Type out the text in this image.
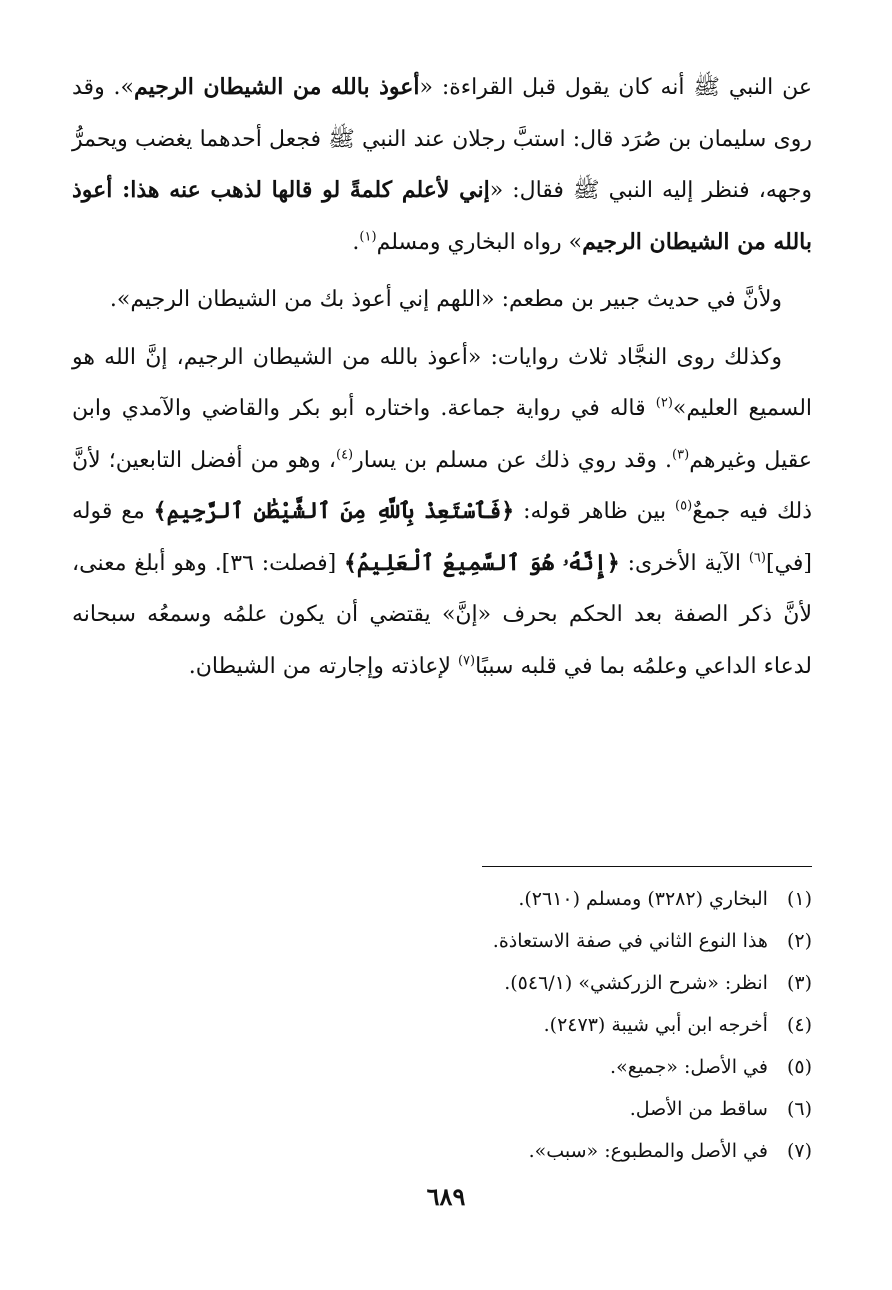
عن النبي ﷺ أنه كان يقول قبل القراءة: «أعوذ بالله من الشيطان الرجيم». وقد روى سليمان بن صُرَد قال: استبَّ رجلان عند النبي ﷺ فجعل أحدهما يغضب ويحمرُّ وجهه، فنظر إليه النبي ﷺ فقال: «إني لأعلم كلمةً لو قالها لذهب عنه هذا: أعوذ بالله من الشيطان الرجيم» رواه البخاري ومسلم$^{(١)}$.

ولأنَّ في حديث جبير بن مطعم: «اللهم إني أعوذ بك من الشيطان الرجيم».

وكذلك روى النجَّاد ثلاث روايات: «أعوذ بالله من الشيطان الرجيم، إنَّ الله هو السميع العليم»$^{(٢)}$ قاله في رواية جماعة. واختاره أبو بكر والقاضي والآمدي وابن عقيل وغيرهم$^{(٣)}$. وقد روي ذلك عن مسلم بن يسار$^{(٤)}$، وهو من أفضل التابعين؛ لأنَّ ذلك فيه جمعٌ$^{(٥)}$ بين ظاهر قوله: ﴿فَٱسْتَعِذْ بِٱللَّهِ مِنَ ٱلشَّيْطَٰنِ ٱلرَّجِيمِ﴾ مع قوله [في]$^{(٦)}$ الآية الأخرى: ﴿إِنَّهُۥ هُوَ ٱلسَّمِيعُ ٱلْعَلِيمُ﴾ [فصلت: ٣٦]. وهو أبلغ معنى، لأنَّ ذكر الصفة بعد الحكم بحرف «إنَّ» يقتضي أن يكون علمُه وسمعُه سبحانه لدعاء الداعي وعلمُه بما في قلبه سببًا$^{(٧)}$ لإعاذته وإجارته من الشيطان.

(١) البخاري (٣٢٨٢) ومسلم (٢٦١٠).
(٢) هذا النوع الثاني في صفة الاستعاذة.
(٣) انظر: «شرح الزركشي» (٥٤٦/١).
(٤) أخرجه ابن أبي شيبة (٢٤٧٣).
(٥) في الأصل: «جميع».
(٦) ساقط من الأصل.
(٧) في الأصل والمطبوع: «سبب».
٦٨٩
